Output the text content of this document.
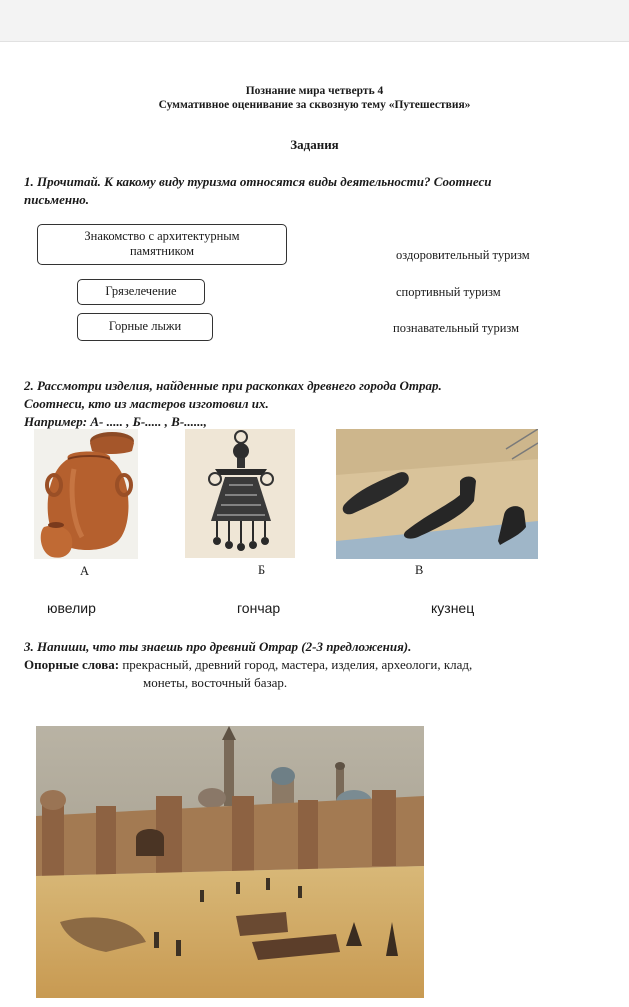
Познание мира четверть 4
Суммативное оценивание за сквозную тему «Путешествия»
Задания
1. Прочитай. К какому виду туризма относятся виды деятельности? Соотнеси
письменно.
Знакомство с архитектурным
памятником
Грязелечение
Горные лыжи
оздоровительный туризм
спортивный туризм
познавательный туризм
2. Рассмотри изделия, найденные при раскопках древнего города Отрар.
Соотнеси, кто из мастеров изготовил их.
Например: А- ..... , Б-..... , В-......,
А	Б	В
ювелир	гончар	кузнец
3. Напиши, что ты знаешь про древний Отрар (2-3 предложения).
Опорные слова: прекрасный, древний город, мастера, изделия, археологи, клад,
монеты, восточный базар.
